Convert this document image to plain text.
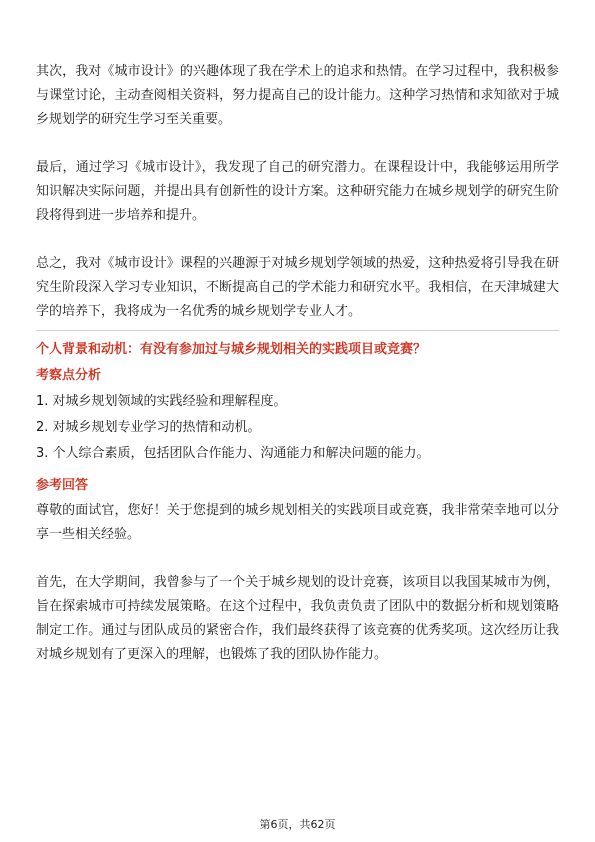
其次，我对《城市设计》的兴趣体现了我在学术上的追求和热情。在学习过程中，我积极参与课堂讨论，主动查阅相关资料，努力提高自己的设计能力。这种学习热情和求知欲对于城乡规划学的研究生学习至关重要。

最后，通过学习《城市设计》，我发现了自己的研究潜力。在课程设计中，我能够运用所学知识解决实际问题，并提出具有创新性的设计方案。这种研究能力在城乡规划学的研究生阶段将得到进一步培养和提升。

总之，我对《城市设计》课程的兴趣源于对城乡规划学领域的热爱，这种热爱将引导我在研究生阶段深入学习专业知识，不断提高自己的学术能力和研究水平。我相信，在天津城建大学的培养下，我将成为一名优秀的城乡规划学专业人才。

个人背景和动机：有没有参加过与城乡规划相关的实践项目或竞赛？

考察点分析

1. 对城乡规划领域的实践经验和理解程度。

2. 对城乡规划专业学习的热情和动机。

3. 个人综合素质，包括团队合作能力、沟通能力和解决问题的能力。

参考回答

尊敬的面试官，您好！关于您提到的城乡规划相关的实践项目或竞赛，我非常荣幸地可以分享一些相关经验。

首先，在大学期间，我曾参与了一个关于城乡规划的设计竞赛，该项目以我国某城市为例，旨在探索城市可持续发展策略。在这个过程中，我负责负责了团队中的数据分析和规划策略制定工作。通过与团队成员的紧密合作，我们最终获得了该竞赛的优秀奖项。这次经历让我对城乡规划有了更深入的理解，也锻炼了我的团队协作能力。

第6页，共62页
